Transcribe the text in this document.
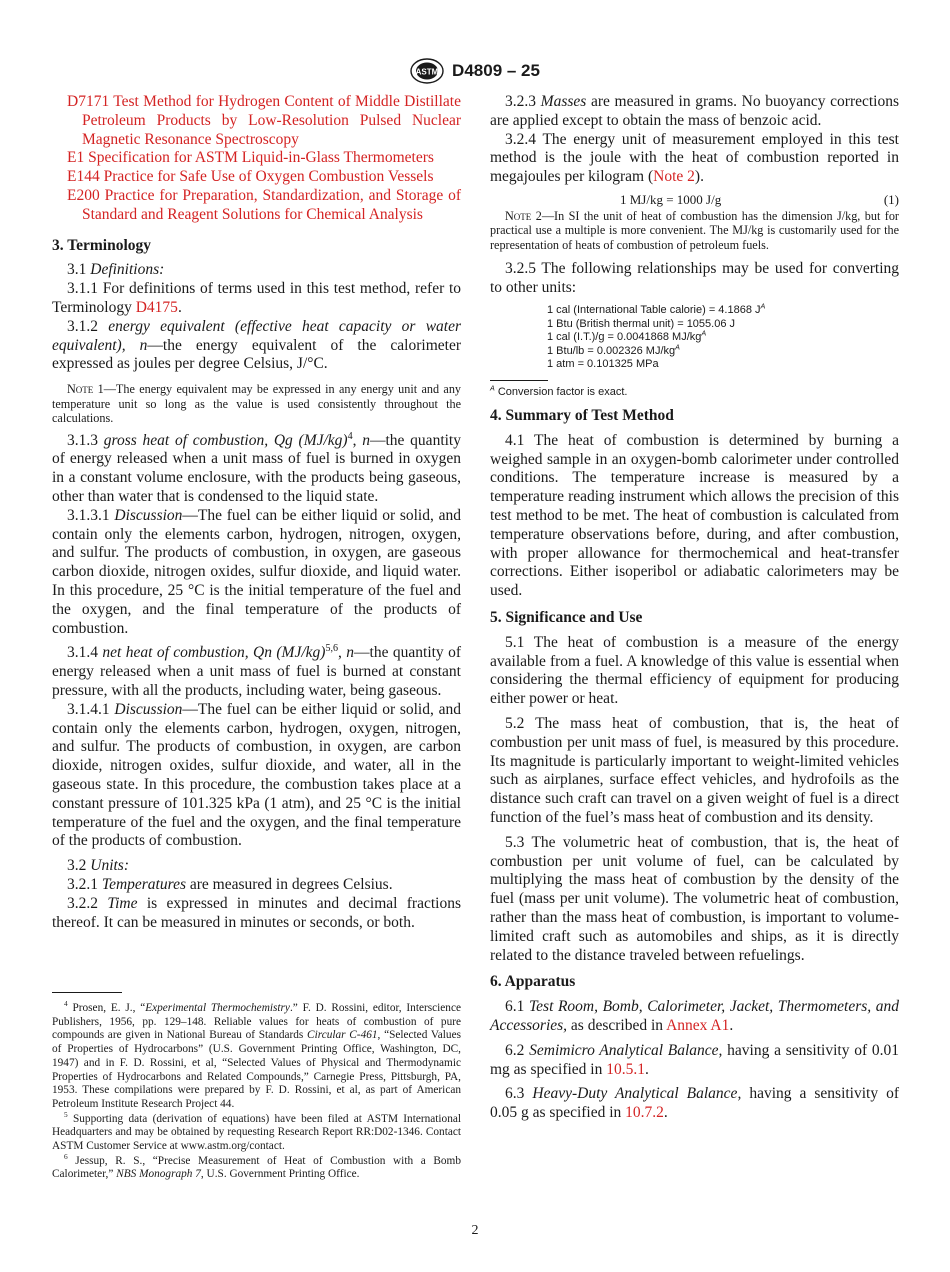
ASTM D4809 – 25

D7171 Test Method for Hydrogen Content of Middle Distillate Petroleum Products by Low-Resolution Pulsed Nuclear Magnetic Resonance Spectroscopy

E1 Specification for ASTM Liquid-in-Glass Thermometers

E144 Practice for Safe Use of Oxygen Combustion Vessels

E200 Practice for Preparation, Standardization, and Storage of Standard and Reagent Solutions for Chemical Analysis

3. Terminology

3.1 Definitions:

3.1.1 For definitions of terms used in this test method, refer to Terminology D4175.

3.1.2 energy equivalent (effective heat capacity or water equivalent), n—the energy equivalent of the calorimeter expressed as joules per degree Celsius, J/°C.

Note 1—The energy equivalent may be expressed in any energy unit and any temperature unit so long as the value is used consistently throughout the calculations.

3.1.3 gross heat of combustion, Qg $(MJ/kg)^4$, n—the quantity of energy released when a unit mass of fuel is burned in oxygen in a constant volume enclosure, with the products being gaseous, other than water that is condensed to the liquid state.

3.1.3.1 Discussion—The fuel can be either liquid or solid, and contain only the elements carbon, hydrogen, nitrogen, oxygen, and sulfur. The products of combustion, in oxygen, are gaseous carbon dioxide, nitrogen oxides, sulfur dioxide, and liquid water. In this procedure, 25 °C is the initial temperature of the fuel and the oxygen, and the final temperature of the products of combustion.

3.1.4 net heat of combustion, Qn $(MJ/kg)^{5,6}$, n—the quantity of energy released when a unit mass of fuel is burned at constant pressure, with all the products, including water, being gaseous.

3.1.4.1 Discussion—The fuel can be either liquid or solid, and contain only the elements carbon, hydrogen, oxygen, nitrogen, and sulfur. The products of combustion, in oxygen, are carbon dioxide, nitrogen oxides, sulfur dioxide, and water, all in the gaseous state. In this procedure, the combustion takes place at a constant pressure of 101.325 kPa (1 atm), and 25 °C is the initial temperature of the fuel and the oxygen, and the final temperature of the products of combustion.

3.2 Units:

3.2.1 Temperatures are measured in degrees Celsius.

3.2.2 Time is expressed in minutes and decimal fractions thereof. It can be measured in minutes or seconds, or both.

$^4$ Prosen, E. J., “Experimental Thermochemistry.” F. D. Rossini, editor, Interscience Publishers, 1956, pp. 129–148. Reliable values for heats of combustion of pure compounds are given in National Bureau of Standards Circular C-461, “Selected Values of Properties of Hydrocarbons” (U.S. Government Printing Office, Washington, DC, 1947) and in F. D. Rossini, et al, “Selected Values of Physical and Thermodynamic Properties of Hydrocarbons and Related Compounds,” Carnegie Press, Pittsburgh, PA, 1953. These compilations were prepared by F. D. Rossini, et al, as part of American Petroleum Institute Research Project 44.

$^5$ Supporting data (derivation of equations) have been filed at ASTM International Headquarters and may be obtained by requesting Research Report RR:D02-1346. Contact ASTM Customer Service at www.astm.org/contact.

$^6$ Jessup, R. S., “Precise Measurement of Heat of Combustion with a Bomb Calorimeter,” NBS Monograph 7, U.S. Government Printing Office.

3.2.3 Masses are measured in grams. No buoyancy corrections are applied except to obtain the mass of benzoic acid.

3.2.4 The energy unit of measurement employed in this test method is the joule with the heat of combustion reported in megajoules per kilogram (Note 2).

1 MJ/kg = 1000 J/g	(1)

Note 2—In SI the unit of heat of combustion has the dimension J/kg, but for practical use a multiple is more convenient. The MJ/kg is customarily used for the representation of heats of combustion of petroleum fuels.

3.2.5 The following relationships may be used for converting to other units:

1 cal (International Table calorie) = 4.1868 $J^A$
1 Btu (British thermal unit) = 1055.06 J
1 cal (I.T.)/g = 0.0041868 $MJ/kg^A$
1 Btu/lb = 0.002326 $MJ/kg^A$
1 atm = 0.101325 MPa
$^A$ Conversion factor is exact.
4. Summary of Test Method

4.1 The heat of combustion is determined by burning a weighed sample in an oxygen-bomb calorimeter under controlled conditions. The temperature increase is measured by a temperature reading instrument which allows the precision of this test method to be met. The heat of combustion is calculated from temperature observations before, during, and after combustion, with proper allowance for thermochemical and heat-transfer corrections. Either isoperibol or adiabatic calorimeters may be used.

5. Significance and Use

5.1 The heat of combustion is a measure of the energy available from a fuel. A knowledge of this value is essential when considering the thermal efficiency of equipment for producing either power or heat.

5.2 The mass heat of combustion, that is, the heat of combustion per unit mass of fuel, is measured by this procedure. Its magnitude is particularly important to weight-limited vehicles such as airplanes, surface effect vehicles, and hydrofoils as the distance such craft can travel on a given weight of fuel is a direct function of the fuel’s mass heat of combustion and its density.

5.3 The volumetric heat of combustion, that is, the heat of combustion per unit volume of fuel, can be calculated by multiplying the mass heat of combustion by the density of the fuel (mass per unit volume). The volumetric heat of combustion, rather than the mass heat of combustion, is important to volume-limited craft such as automobiles and ships, as it is directly related to the distance traveled between refuelings.

6. Apparatus

6.1 Test Room, Bomb, Calorimeter, Jacket, Thermometers, and Accessories, as described in Annex A1.

6.2 Semimicro Analytical Balance, having a sensitivity of 0.01 mg as specified in 10.5.1.

6.3 Heavy-Duty Analytical Balance, having a sensitivity of 0.05 g as specified in 10.7.2.

2
